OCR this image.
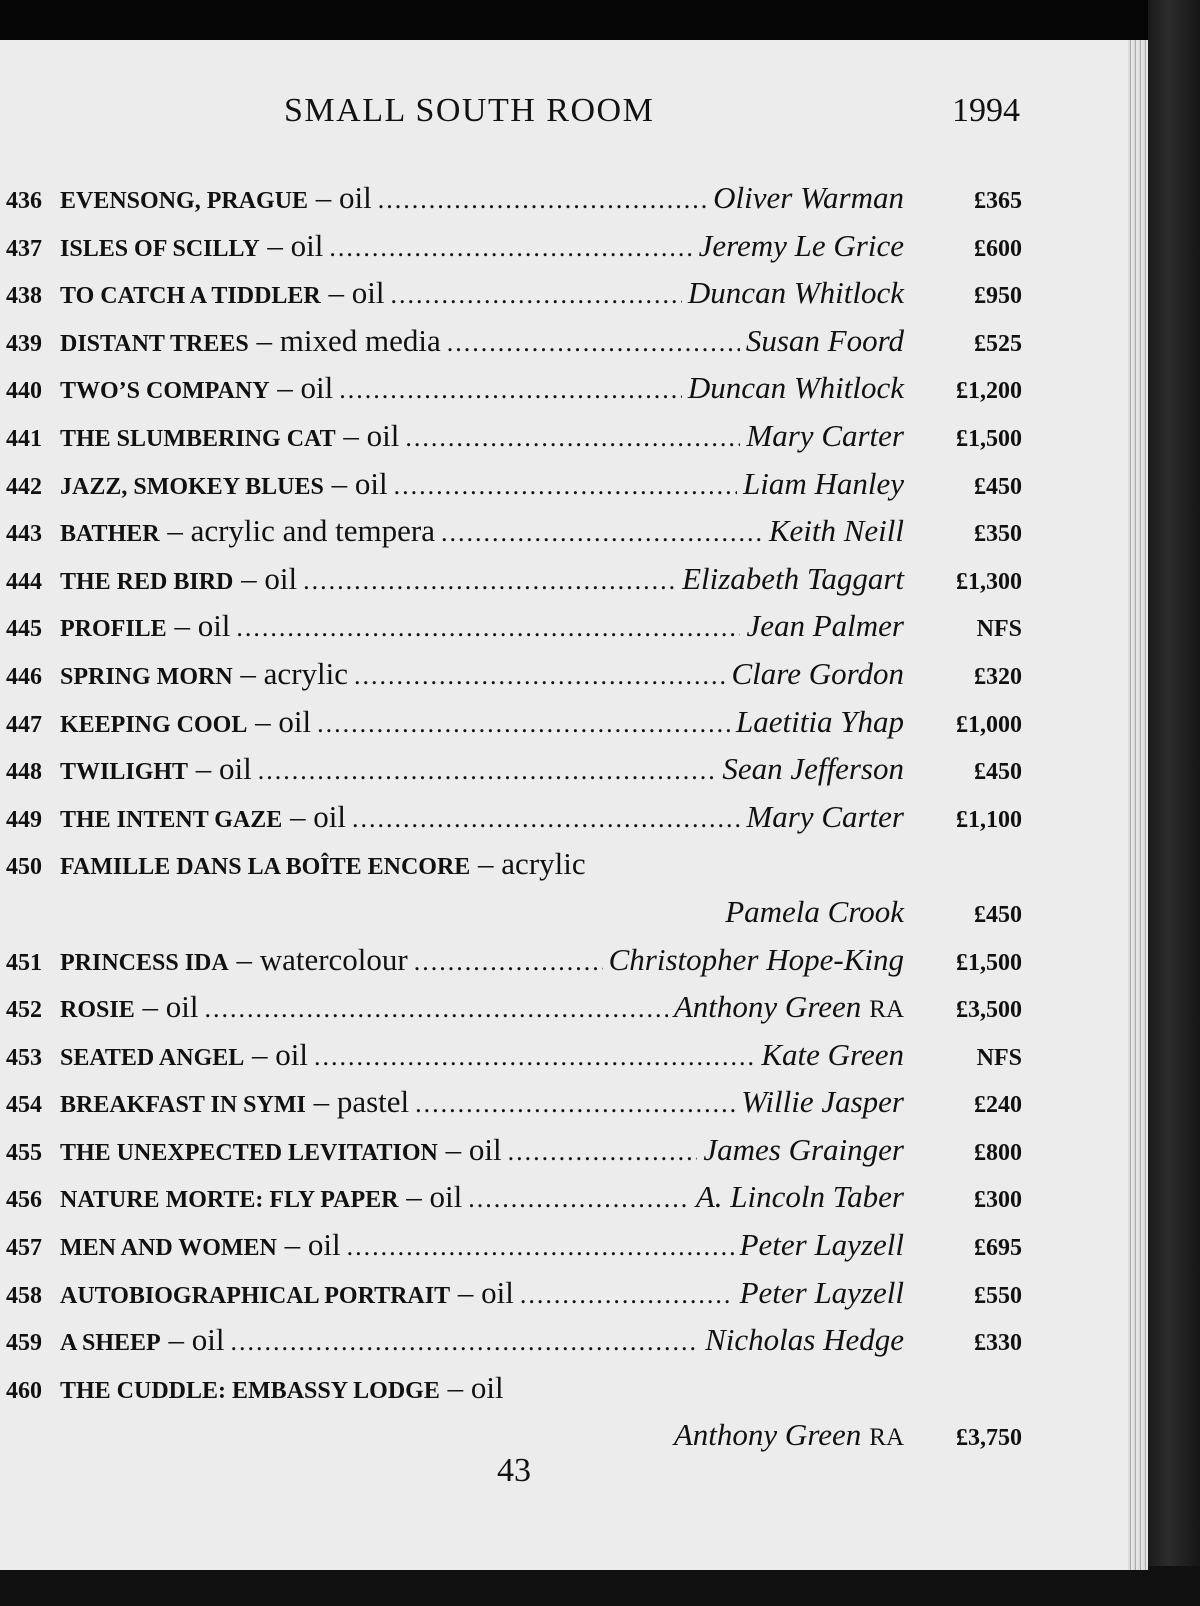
SMALL SOUTH ROOM	1994
436 EVENSONG, PRAGUE – oil .....	Oliver Warman	£365
437 ISLES OF SCILLY – oil .....	Jeremy Le Grice	£600
438 TO CATCH A TIDDLER – oil .....	Duncan Whitlock	£950
439 DISTANT TREES – mixed media .....	Susan Foord	£525
440 TWO’S COMPANY – oil .....	Duncan Whitlock	£1,200
441 THE SLUMBERING CAT – oil .....	Mary Carter	£1,500
442 JAZZ, SMOKEY BLUES – oil .....	Liam Hanley	£450
443 BATHER – acrylic and tempera .....	Keith Neill	£350
444 THE RED BIRD – oil .....	Elizabeth Taggart	£1,300
445 PROFILE – oil .....	Jean Palmer	NFS
446 SPRING MORN – acrylic .....	Clare Gordon	£320
447 KEEPING COOL – oil .....	Laetitia Yhap	£1,000
448 TWILIGHT – oil .....	Sean Jefferson	£450
449 THE INTENT GAZE – oil .....	Mary Carter	£1,100
450 FAMILLE DANS LA BOÎTE ENCORE – acrylic
Pamela Crook	£450
451 PRINCESS IDA – watercolour .....	Christopher Hope-King	£1,500
452 ROSIE – oil .....	Anthony Green RA	£3,500
453 SEATED ANGEL – oil .....	Kate Green	NFS
454 BREAKFAST IN SYMI – pastel .....	Willie Jasper	£240
455 THE UNEXPECTED LEVITATION – oil .....	James Grainger	£800
456 NATURE MORTE: FLY PAPER – oil .....	A. Lincoln Taber	£300
457 MEN AND WOMEN – oil .....	Peter Layzell	£695
458 AUTOBIOGRAPHICAL PORTRAIT – oil .....	Peter Layzell	£550
459 A SHEEP – oil .....	Nicholas Hedge	£330
460 THE CUDDLE: EMBASSY LODGE – oil
Anthony Green RA	£3,750
43
